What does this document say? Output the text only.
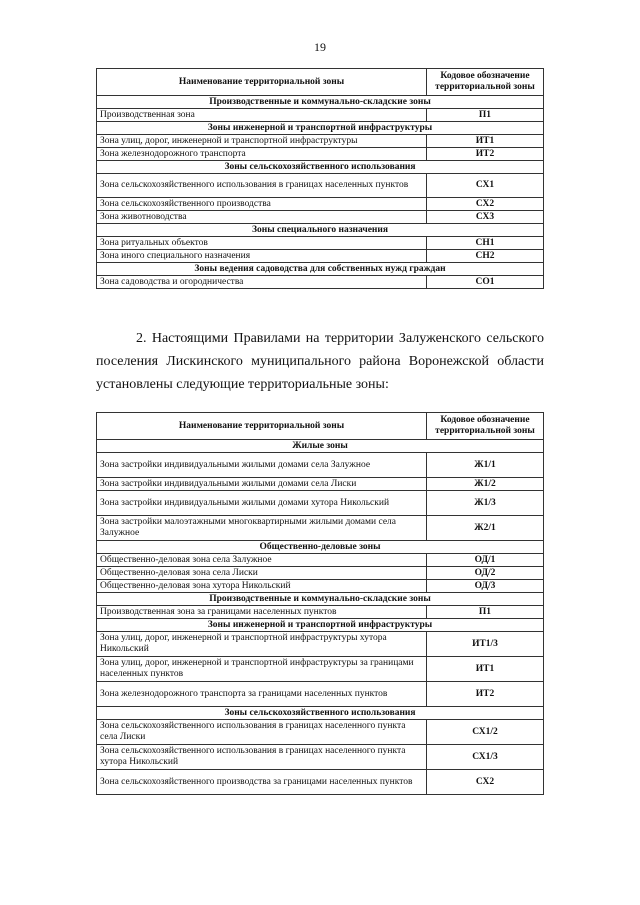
19
Наименование территориальной зоны	Кодовое обозначение территориальной зоны
Производственные и коммунально-складские зоны	
Производственная зона	П1
Зоны инженерной и транспортной инфраструктуры	
Зона улиц, дорог, инженерной и транспортной инфраструктуры	ИТ1
Зона железнодорожного транспорта	ИТ2
Зоны сельскохозяйственного использования	
Зона сельскохозяйственного использования в границах населенных пунктов	СХ1
Зона сельскохозяйственного производства	СХ2
Зона животноводства	СХ3
Зоны специального назначения	
Зона ритуальных объектов	СН1
Зона иного специального назначения	СН2
Зоны ведения садоводства для собственных нужд граждан	
Зона садоводства и огородничества	СО1

2. Настоящими Правилами на территории Залуженского сельского поселения Лискинского муниципального района Воронежской области установлены следующие территориальные зоны:

Наименование территориальной зоны	Кодовое обозначение территориальной зоны
Жилые зоны	
Зона застройки индивидуальными жилыми домами села Залужное	Ж1/1
Зона застройки индивидуальными жилыми домами села Лиски	Ж1/2
Зона застройки индивидуальными жилыми домами хутора Никольский	Ж1/3
Зона застройки малоэтажными многоквартирными жилыми домами села Залужное	Ж2/1
Общественно-деловые зоны	
Общественно-деловая зона села Залужное	ОД/1
Общественно-деловая зона села Лиски	ОД/2
Общественно-деловая зона хутора Никольский	ОД/3
Производственные и коммунально-складские зоны	
Производственная зона за границами населенных пунктов	П1
Зоны инженерной и транспортной инфраструктуры	
Зона улиц, дорог, инженерной и транспортной инфраструктуры хутора Никольский	ИТ1/3
Зона улиц, дорог, инженерной и транспортной инфраструктуры за границами населенных пунктов	ИТ1
Зона железнодорожного транспорта за границами населенных пунктов	ИТ2
Зоны сельскохозяйственного использования	
Зона сельскохозяйственного использования в границах населенного пункта села Лиски	СХ1/2
Зона сельскохозяйственного использования в границах населенного пункта хутора Никольский	СХ1/3
Зона сельскохозяйственного производства за границами населенных пунктов	СХ2
